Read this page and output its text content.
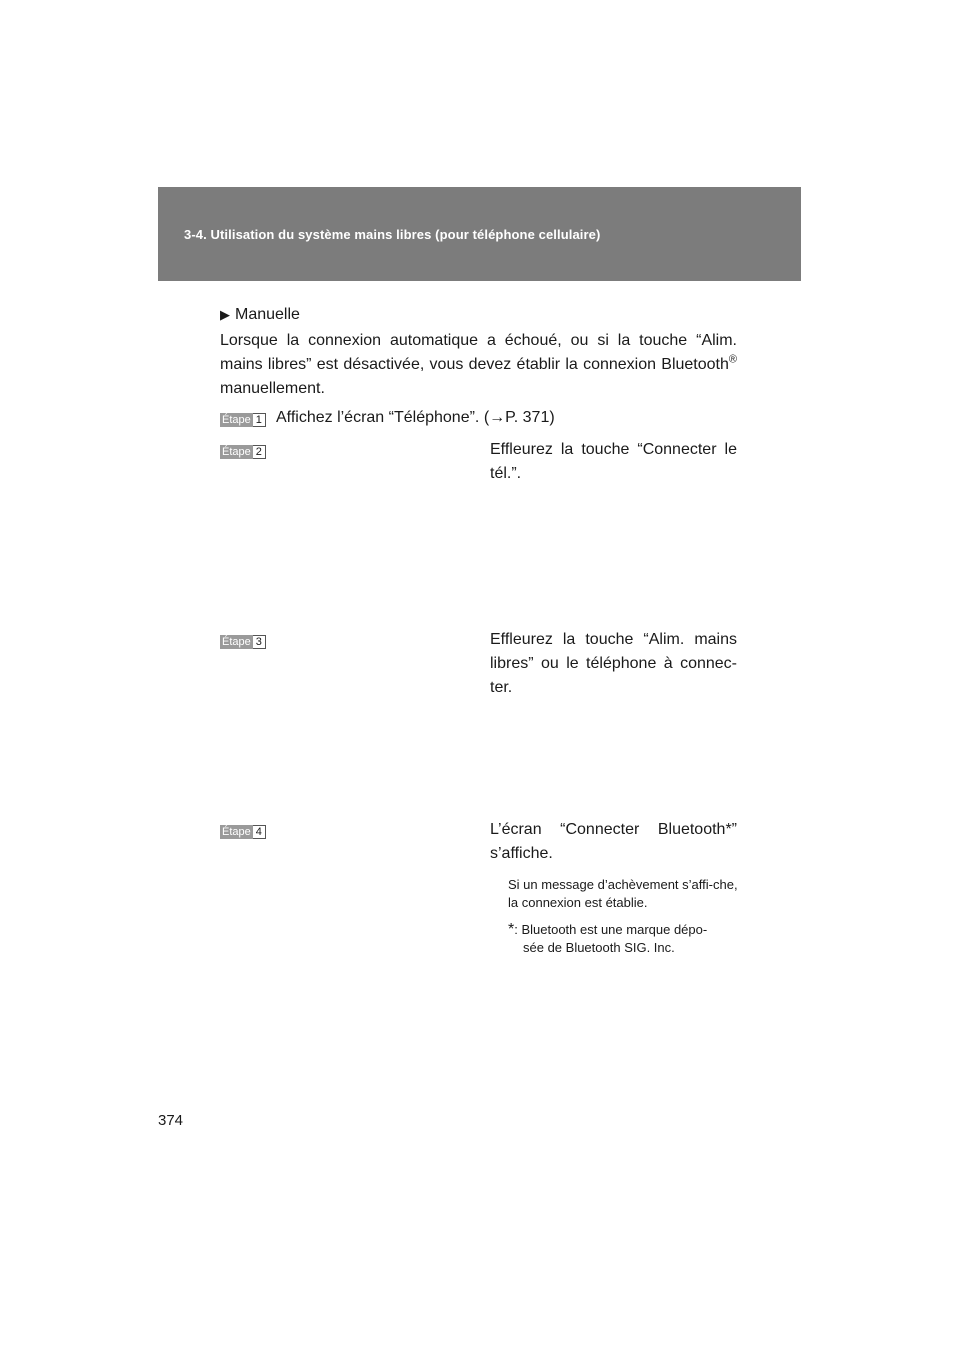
3-4. Utilisation du système mains libres (pour téléphone cellulaire)
▶ Manuelle
Lorsque la connexion automatique a échoué, ou si la touche “Alim. mains libres” est désactivée, vous devez établir la connexion Bluetooth® manuellement.
Étape 1 Affichez l’écran “Téléphone”. (→P. 371)
Étape 2	Effleurez la touche “Connecter le tél.”.
Étape 3	Effleurez la touche “Alim. mains libres” ou le téléphone à connec-ter.
Étape 4	L’écran “Connecter Bluetooth*” s’affiche.
Si un message d’achèvement s’affi-che, la connexion est établie.
*: Bluetooth est une marque dépo-
sée de Bluetooth SIG. Inc.
374
